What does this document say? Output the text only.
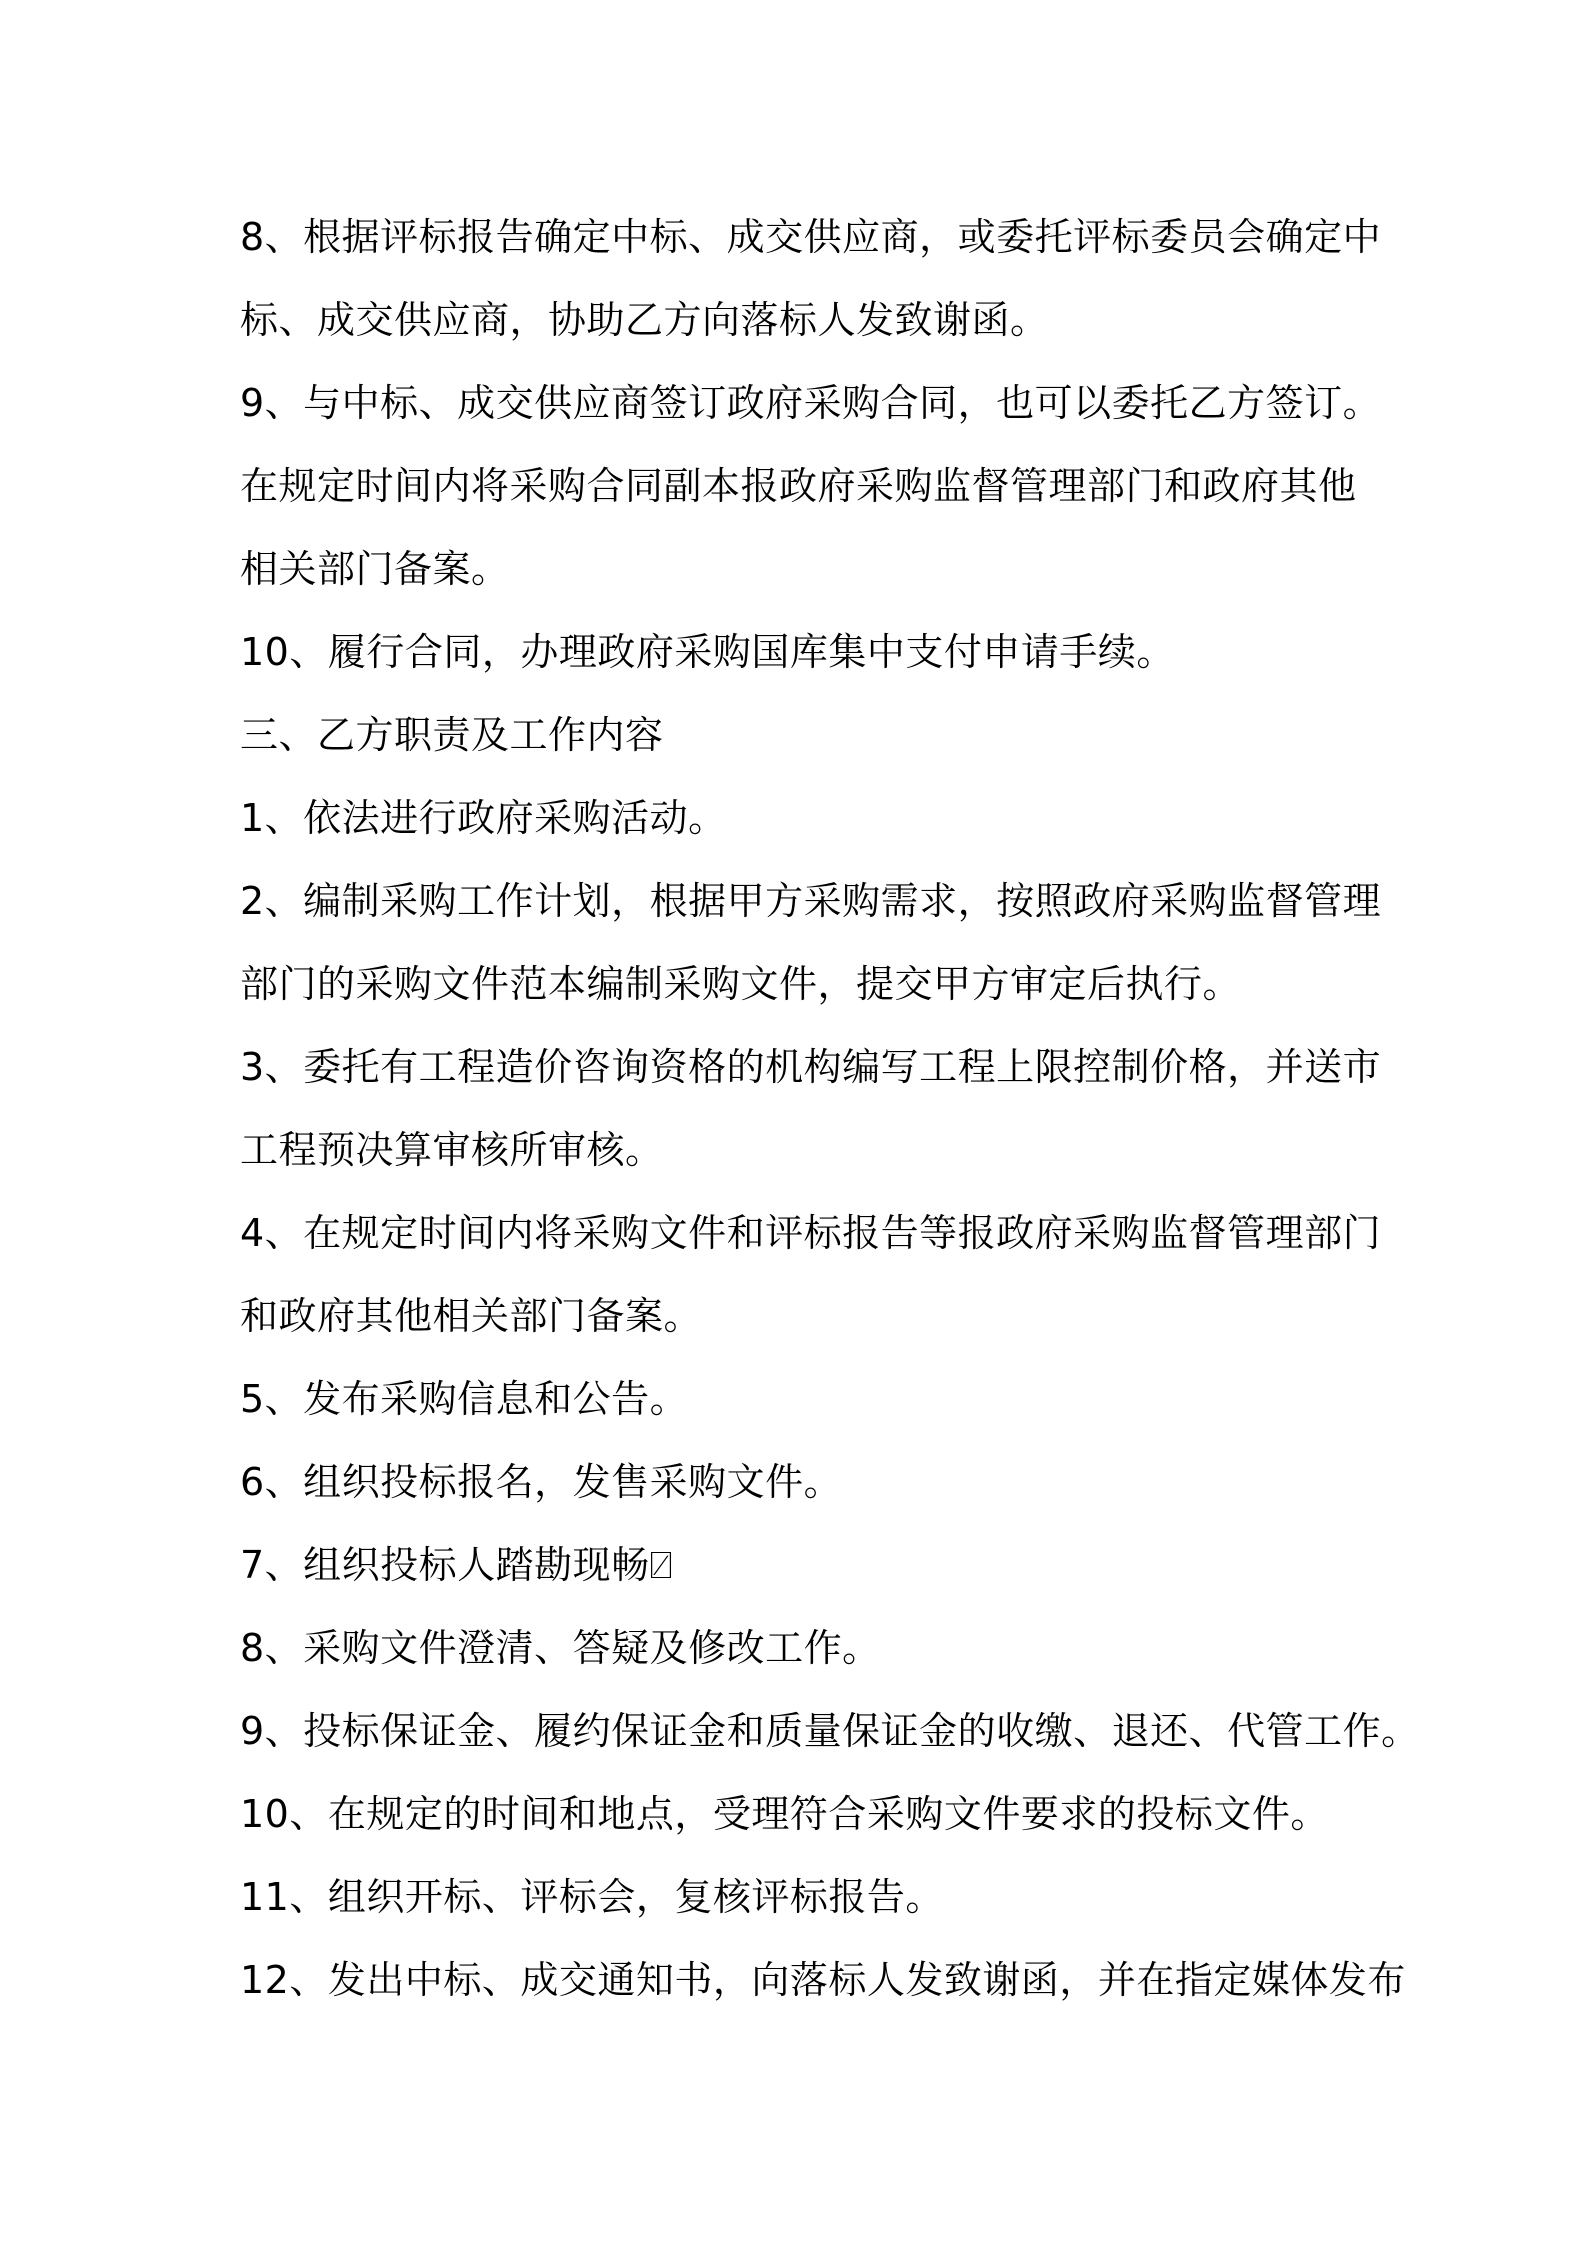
8、根据评标报告确定中标、成交供应商，或委托评标委员会确定中
标、成交供应商，协助乙方向落标人发致谢函。
9、与中标、成交供应商签订政府采购合同，也可以委托乙方签订。
在规定时间内将采购合同副本报政府采购监督管理部门和政府其他
相关部门备案。
10、履行合同，办理政府采购国库集中支付申请手续。
三、乙方职责及工作内容
1、依法进行政府采购活动。
2、编制采购工作计划，根据甲方采购需求，按照政府采购监督管理
部门的采购文件范本编制采购文件，提交甲方审定后执行。
3、委托有工程造价咨询资格的机构编写工程上限控制价格，并送市
工程预决算审核所审核。
4、在规定时间内将采购文件和评标报告等报政府采购监督管理部门
和政府其他相关部门备案。
5、发布采购信息和公告。
6、组织投标报名，发售采购文件。
7、组织投标人踏勘现畅⍁
8、采购文件澄清、答疑及修改工作。
9、投标保证金、履约保证金和质量保证金的收缴、退还、代管工作。
10、在规定的时间和地点，受理符合采购文件要求的投标文件。
11、组织开标、评标会，复核评标报告。
12、发出中标、成交通知书，向落标人发致谢函，并在指定媒体发布
